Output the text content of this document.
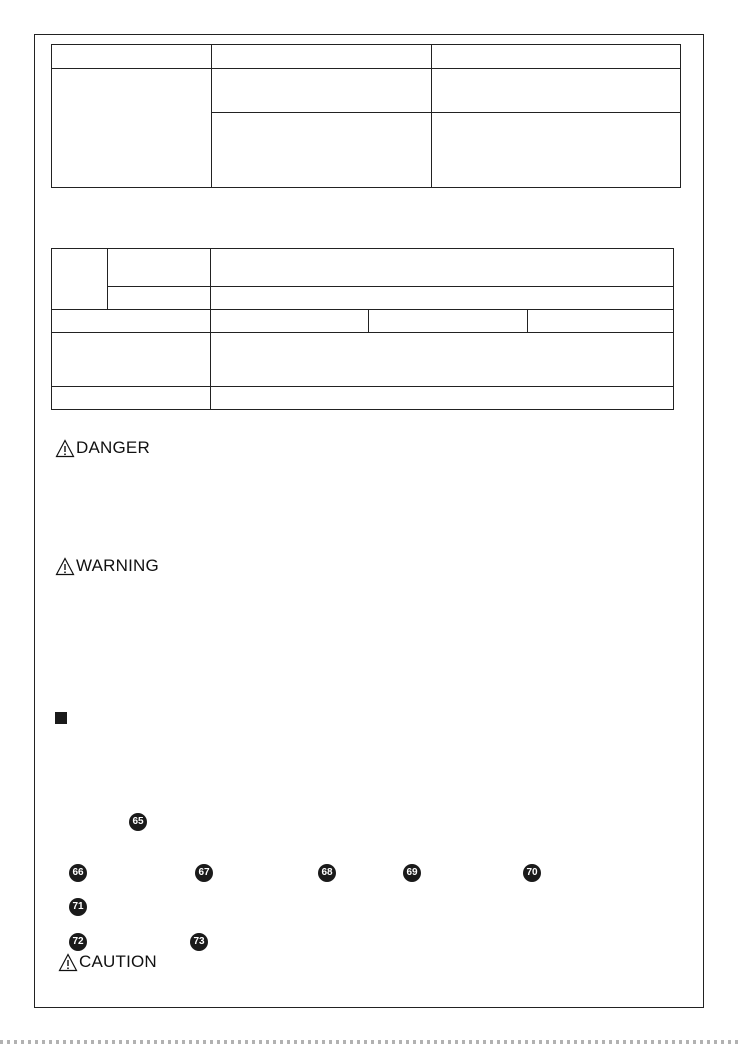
DANGER
WARNING
65
66	67	68	69	70
71
72	73
CAUTION
